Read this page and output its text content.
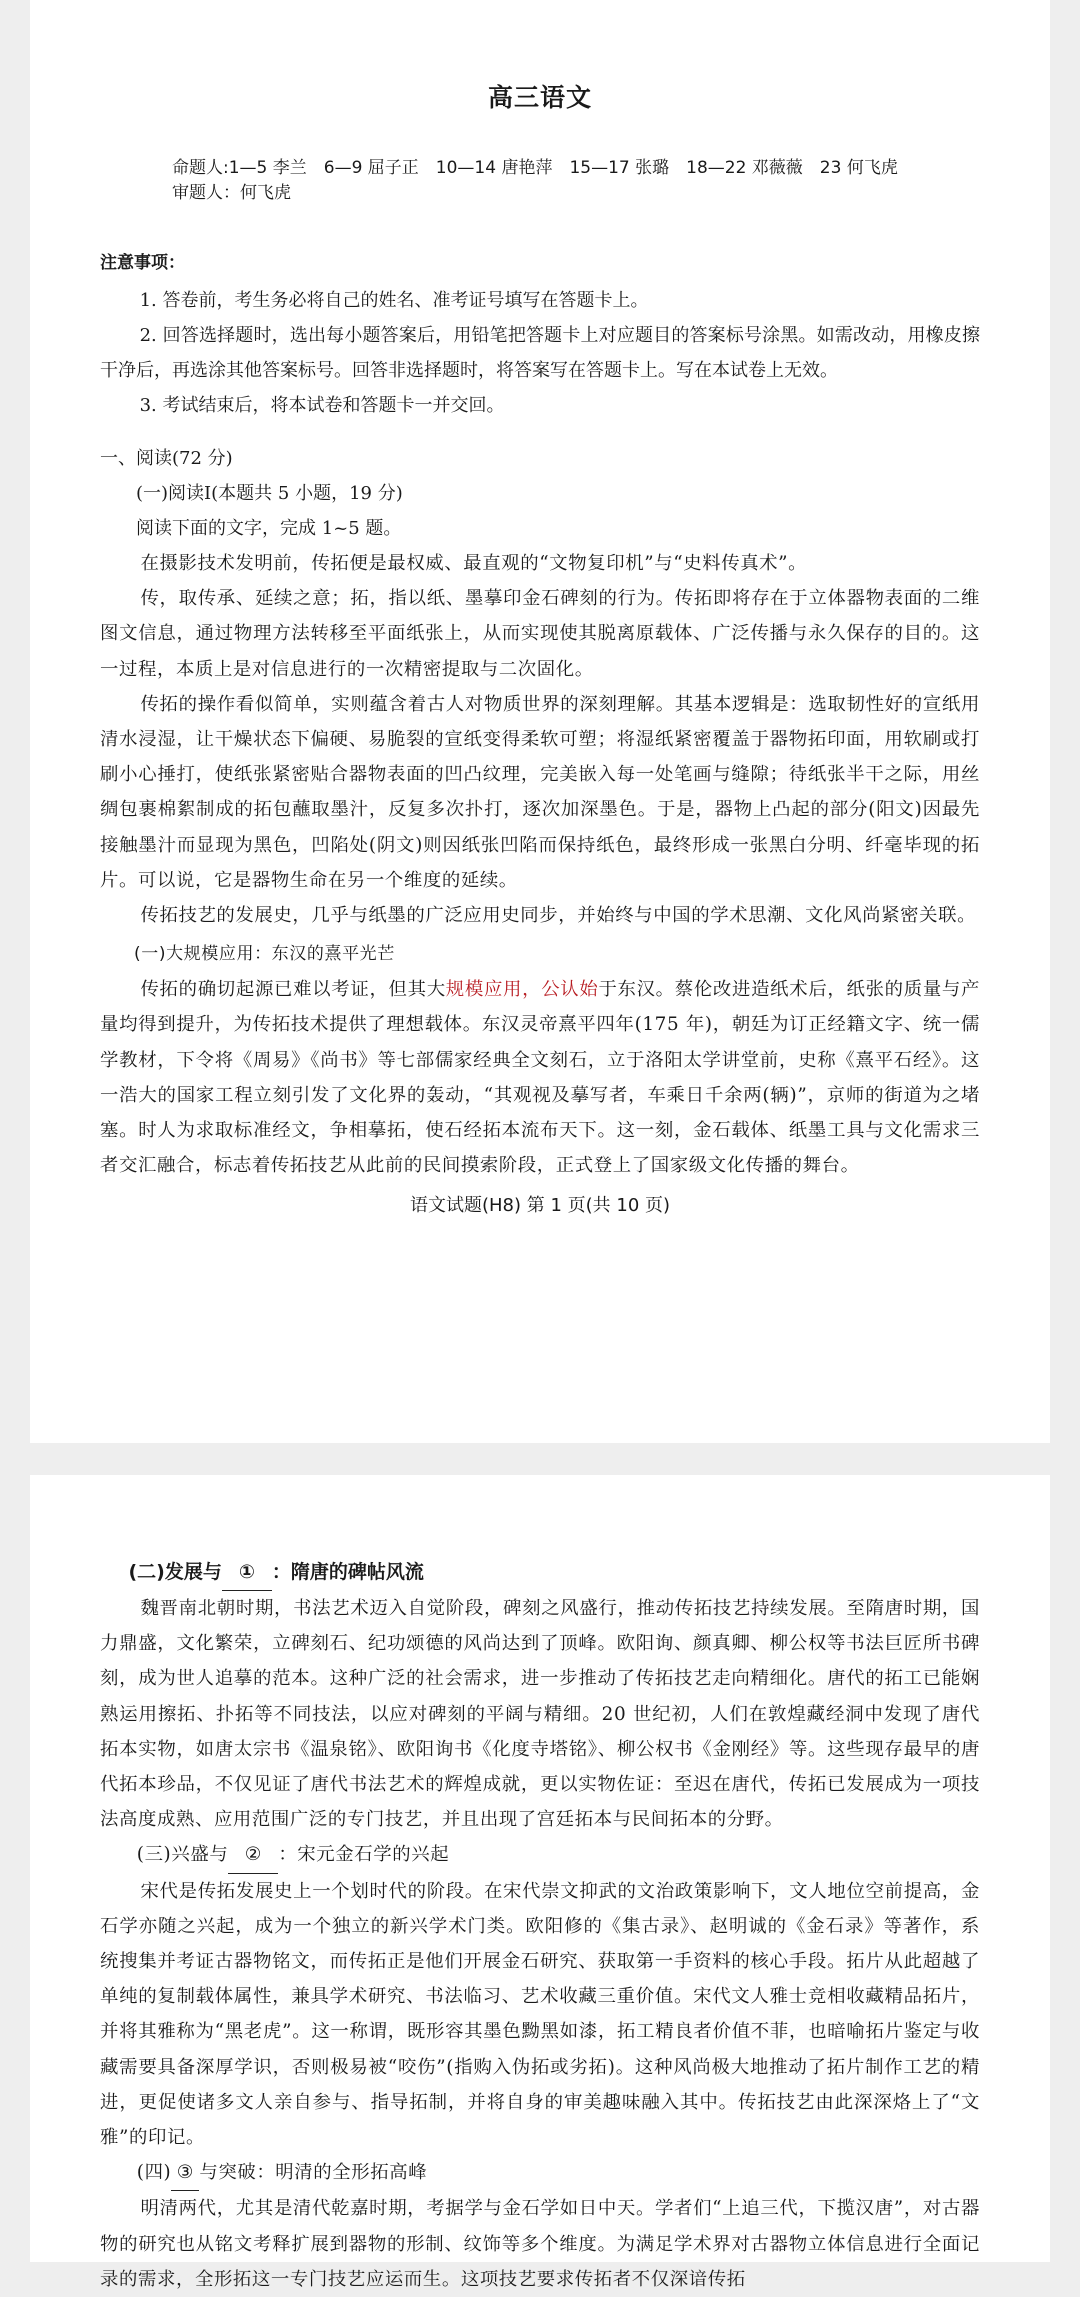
高三语文
命题人:1—5 李兰　6—9 屈子正　10—14 唐艳萍　15—17 张璐　18—22 邓薇薇　23 何飞虎
审题人：何飞虎
注意事项：
1. 答卷前，考生务必将自己的姓名、准考证号填写在答题卡上。
2. 回答选择题时，选出每小题答案后，用铅笔把答题卡上对应题目的答案标号涂黑。如需改动，用橡皮擦干净后，再选涂其他答案标号。回答非选择题时，将答案写在答题卡上。写在本试卷上无效。
3. 考试结束后，将本试卷和答题卡一并交回。
一、阅读(72 分)
(一)阅读Ⅰ(本题共 5 小题，19 分)
阅读下面的文字，完成 1~5 题。
在摄影技术发明前，传拓便是最权威、最直观的“文物复印机”与“史料传真术”。
传，取传承、延续之意；拓，指以纸、墨摹印金石碑刻的行为。传拓即将存在于立体器物表面的二维图文信息，通过物理方法转移至平面纸张上，从而实现使其脱离原载体、广泛传播与永久保存的目的。这一过程，本质上是对信息进行的一次精密提取与二次固化。
传拓的操作看似简单，实则蕴含着古人对物质世界的深刻理解。其基本逻辑是：选取韧性好的宣纸用清水浸湿，让干燥状态下偏硬、易脆裂的宣纸变得柔软可塑；将湿纸紧密覆盖于器物拓印面，用软刷或打刷小心捶打，使纸张紧密贴合器物表面的凹凸纹理，完美嵌入每一处笔画与缝隙；待纸张半干之际，用丝绸包裹棉絮制成的拓包蘸取墨汁，反复多次扑打，逐次加深墨色。于是，器物上凸起的部分(阳文)因最先接触墨汁而显现为黑色，凹陷处(阴文)则因纸张凹陷而保持纸色，最终形成一张黑白分明、纤毫毕现的拓片。可以说，它是器物生命在另一个维度的延续。
传拓技艺的发展史，几乎与纸墨的广泛应用史同步，并始终与中国的学术思潮、文化风尚紧密关联。
(一)大规模应用：东汉的熹平光芒
传拓的确切起源已难以考证，但其大规模应用，公认始于东汉。蔡伦改进造纸术后，纸张的质量与产量均得到提升，为传拓技术提供了理想载体。东汉灵帝熹平四年(175 年)，朝廷为订正经籍文字、统一儒学教材，下令将《周易》《尚书》等七部儒家经典全文刻石，立于洛阳太学讲堂前，史称《熹平石经》。这一浩大的国家工程立刻引发了文化界的轰动，“其观视及摹写者，车乘日千余两(辆)”，京师的街道为之堵塞。时人为求取标准经文，争相摹拓，使石经拓本流布天下。这一刻，金石载体、纸墨工具与文化需求三者交汇融合，标志着传拓技艺从此前的民间摸索阶段，正式登上了国家级文化传播的舞台。
语文试题(H8) 第 1 页(共 10 页)
(二)发展与 ① ：隋唐的碑帖风流
魏晋南北朝时期，书法艺术迈入自觉阶段，碑刻之风盛行，推动传拓技艺持续发展。至隋唐时期，国力鼎盛，文化繁荣，立碑刻石、纪功颂德的风尚达到了顶峰。欧阳询、颜真卿、柳公权等书法巨匠所书碑刻，成为世人追摹的范本。这种广泛的社会需求，进一步推动了传拓技艺走向精细化。唐代的拓工已能娴熟运用擦拓、扑拓等不同技法，以应对碑刻的平阔与精细。20 世纪初，人们在敦煌藏经洞中发现了唐代拓本实物，如唐太宗书《温泉铭》、欧阳询书《化度寺塔铭》、柳公权书《金刚经》等。这些现存最早的唐代拓本珍品，不仅见证了唐代书法艺术的辉煌成就，更以实物佐证：至迟在唐代，传拓已发展成为一项技法高度成熟、应用范围广泛的专门技艺，并且出现了宫廷拓本与民间拓本的分野。
(三)兴盛与 ② ：宋元金石学的兴起
宋代是传拓发展史上一个划时代的阶段。在宋代崇文抑武的文治政策影响下，文人地位空前提高，金石学亦随之兴起，成为一个独立的新兴学术门类。欧阳修的《集古录》、赵明诚的《金石录》等著作，系统搜集并考证古器物铭文，而传拓正是他们开展金石研究、获取第一手资料的核心手段。拓片从此超越了单纯的复制载体属性，兼具学术研究、书法临习、艺术收藏三重价值。宋代文人雅士竞相收藏精品拓片，并将其雅称为“黑老虎”。这一称谓，既形容其墨色黝黑如漆，拓工精良者价值不菲，也暗喻拓片鉴定与收藏需要具备深厚学识，否则极易被“咬伤”(指购入伪拓或劣拓)。这种风尚极大地推动了拓片制作工艺的精进，更促使诸多文人亲自参与、指导拓制，并将自身的审美趣味融入其中。传拓技艺由此深深烙上了“文雅”的印记。
(四) ③ 与突破：明清的全形拓高峰
明清两代，尤其是清代乾嘉时期，考据学与金石学如日中天。学者们“上追三代，下揽汉唐”，对古器物的研究也从铭文考释扩展到器物的形制、纹饰等多个维度。为满足学术界对古器物立体信息进行全面记录的需求，全形拓这一专门技艺应运而生。这项技艺要求传拓者不仅深谙传拓
